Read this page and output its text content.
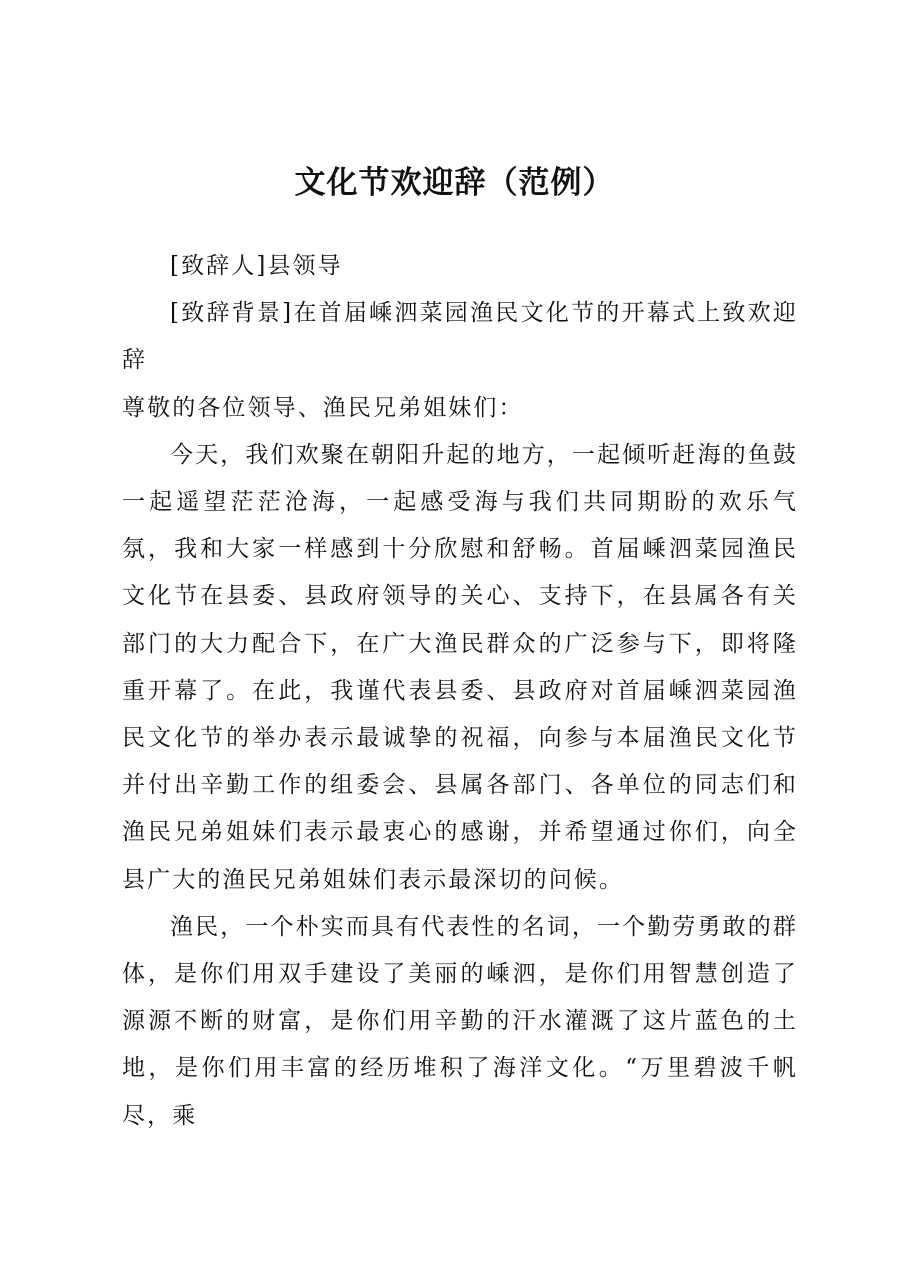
文化节欢迎辞（范例）

[致辞人]县领导

[致辞背景]在首届嵊泗菜园渔民文化节的开幕式上致欢迎辞

尊敬的各位领导、渔民兄弟姐妹们：

今天，我们欢聚在朝阳升起的地方，一起倾听赶海的鱼鼓一起遥望茫茫沧海，一起感受海与我们共同期盼的欢乐气氛，我和大家一样感到十分欣慰和舒畅。首届嵊泗菜园渔民文化节在县委、县政府领导的关心、支持下，在县属各有关部门的大力配合下，在广大渔民群众的广泛参与下，即将隆重开幕了。在此，我谨代表县委、县政府对首届嵊泗菜园渔民文化节的举办表示最诚挚的祝福，向参与本届渔民文化节并付出辛勤工作的组委会、县属各部门、各单位的同志们和渔民兄弟姐妹们表示最衷心的感谢，并希望通过你们，向全县广大的渔民兄弟姐妹们表示最深切的问候。

渔民，一个朴实而具有代表性的名词，一个勤劳勇敢的群体，是你们用双手建设了美丽的嵊泗，是你们用智慧创造了源源不断的财富，是你们用辛勤的汗水灌溉了这片蓝色的土地，是你们用丰富的经历堆积了海洋文化。“万里碧波千帆尽，乘
